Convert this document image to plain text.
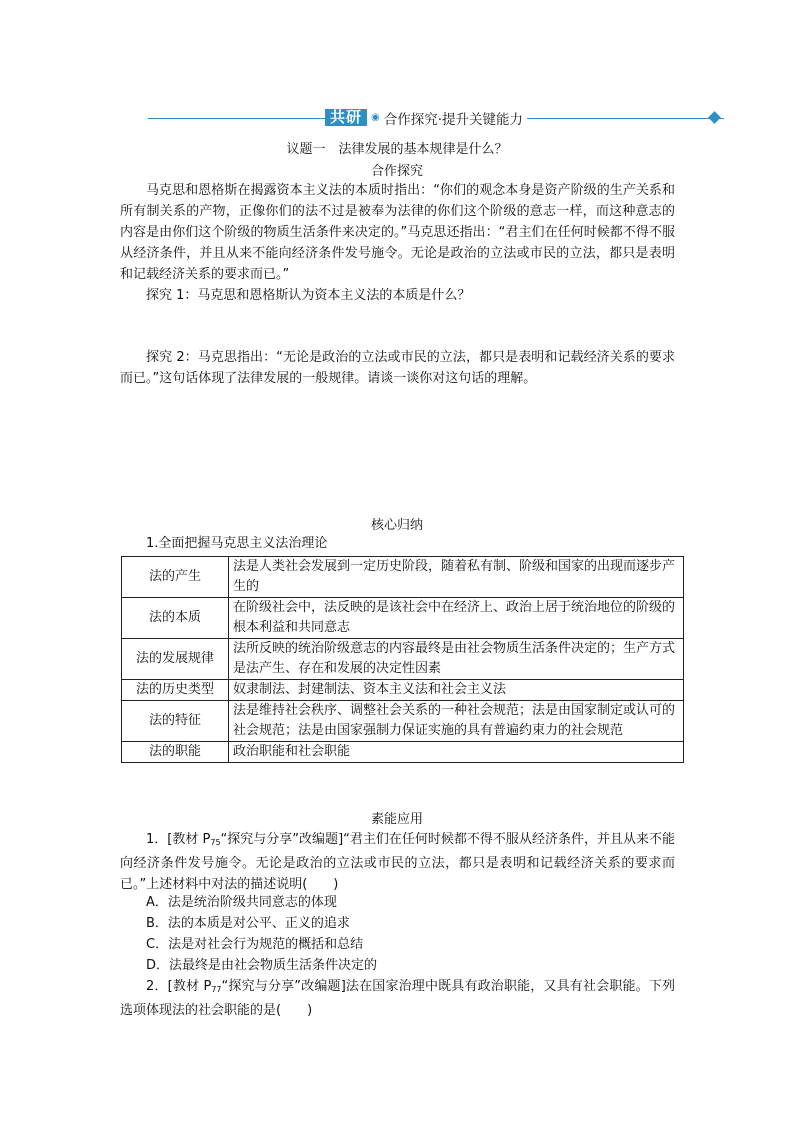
共研 ◉ 合作探究·提升关键能力
议题一　法律发展的基本规律是什么？
合作探究
马克思和恩格斯在揭露资本主义法的本质时指出：“你们的观念本身是资产阶级的生产关系和所有制关系的产物，正像你们的法不过是被奉为法律的你们这个阶级的意志一样，而这种意志的内容是由你们这个阶级的物质生活条件来决定的。”马克思还指出：“君主们在任何时候都不得不服从经济条件，并且从来不能向经济条件发号施令。无论是政治的立法或市民的立法，都只是表明和记载经济关系的要求而已。”
探究 1：马克思和恩格斯认为资本主义法的本质是什么？
探究 2：马克思指出：“无论是政治的立法或市民的立法，都只是表明和记载经济关系的要求而已。”这句话体现了法律发展的一般规律。请谈一谈你对这句话的理解。
核心归纳
1.全面把握马克思主义法治理论
法的产生	法是人类社会发展到一定历史阶段，随着私有制、阶级和国家的出现而逐步产生的
法的本质	在阶级社会中，法反映的是该社会中在经济上、政治上居于统治地位的阶级的根本利益和共同意志
法的发展规律	法所反映的统治阶级意志的内容最终是由社会物质生活条件决定的；生产方式是法产生、存在和发展的决定性因素
法的历史类型	奴隶制法、封建制法、资本主义法和社会主义法
法的特征	法是维持社会秩序、调整社会关系的一种社会规范；法是由国家制定或认可的社会规范；法是由国家强制力保证实施的具有普遍约束力的社会规范
法的职能	政治职能和社会职能
素能应用
1．[教材 $P_{75}“$探究与分享”改编题]“君主们在任何时候都不得不服从经济条件，并且从来不能向经济条件发号施令。无论是政治的立法或市民的立法，都只是表明和记载经济关系的要求而已。”上述材料中对法的描述说明(　　)
A．法是统治阶级共同意志的体现
B．法的本质是对公平、正义的追求
C．法是对社会行为规范的概括和总结
D．法最终是由社会物质生活条件决定的
2．[教材 $P_{77}“$探究与分享”改编题]法在国家治理中既具有政治职能，又具有社会职能。下列选项体现法的社会职能的是(　　)
